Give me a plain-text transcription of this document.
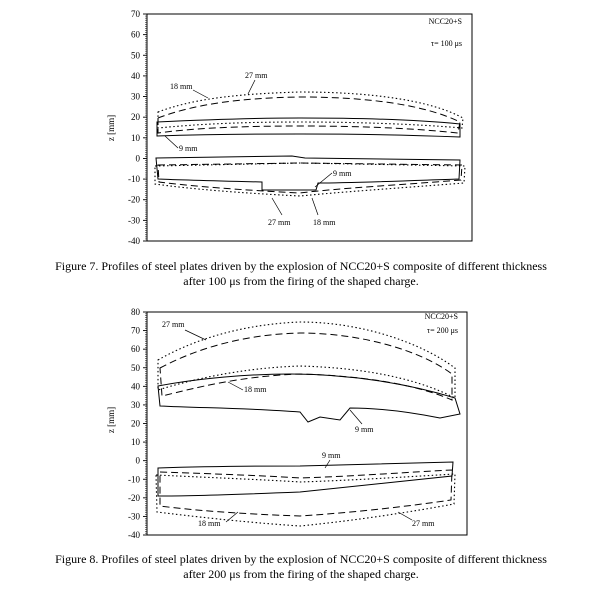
70
60
50
40
30
20
10
0
-10
-20
-30
-40
z [mm]
NCC20+S
τ= 100 μs
18 mm
27 mm
9 mm
9 mm
27 mm	18 mm
Figure 7. Profiles of steel plates driven by the explosion of NCC20+S composite of different thickness
after 100 μs from the firing of the shaped charge.
80
70
60
50
40
30
20
10
0
-10
-20
-30
-40
z [mm]
NCC20+S
τ= 200 μs
27 mm
18 mm
9 mm
9 mm
18 mm	27 mm
Figure 8. Profiles of steel plates driven by the explosion of NCC20+S composite of different thickness
after 200 μs from the firing of the shaped charge.
